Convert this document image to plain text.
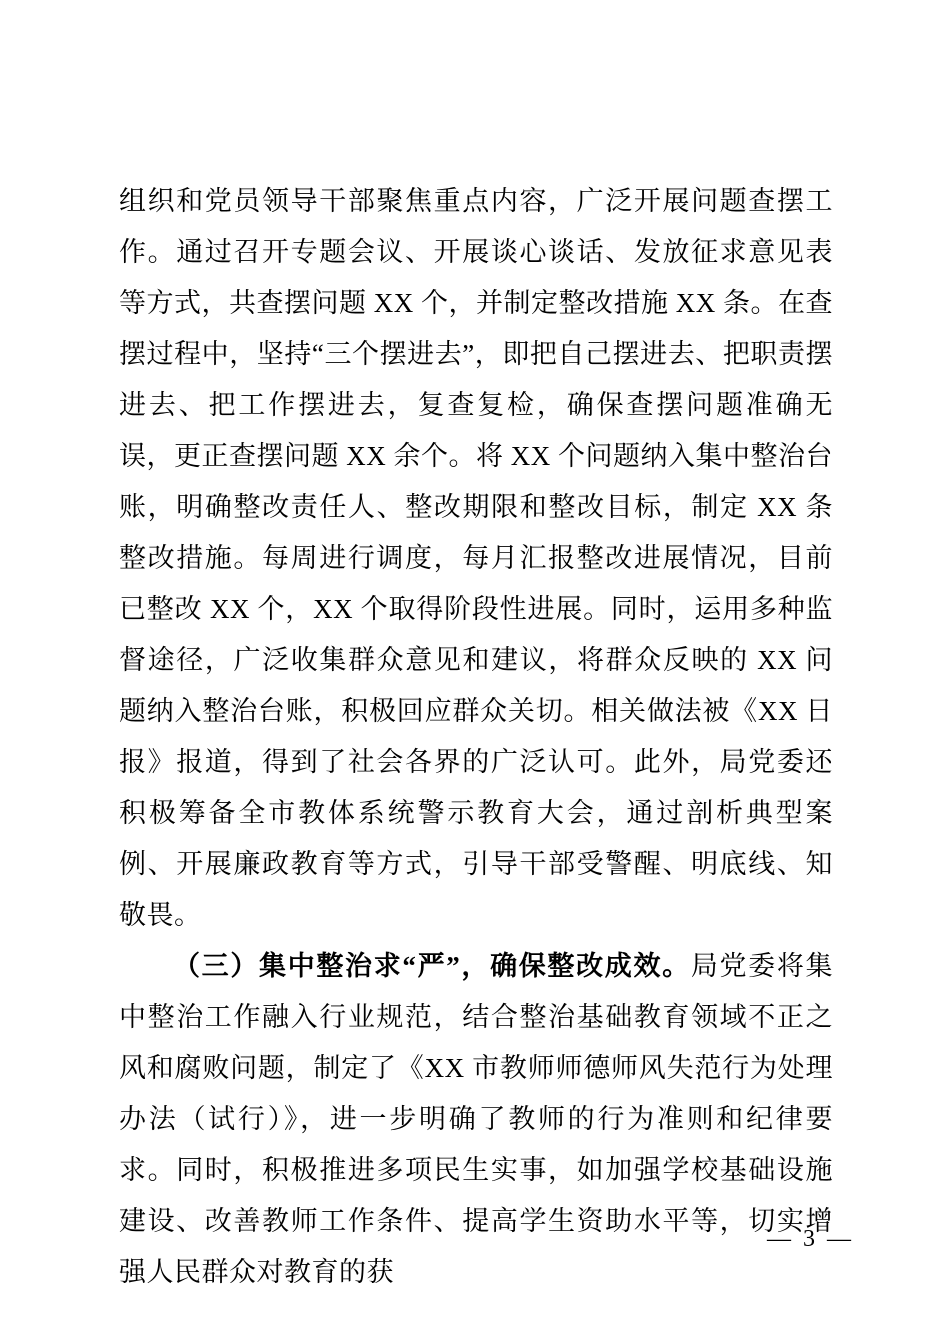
组织和党员领导干部聚焦重点内容，广泛开展问题查摆工作。通过召开专题会议、开展谈心谈话、发放征求意见表等方式，共查摆问题 XX 个，并制定整改措施 XX 条。在查摆过程中，坚持“三个摆进去”，即把自己摆进去、把职责摆进去、把工作摆进去，复查复检，确保查摆问题准确无误，更正查摆问题 XX 余个。将 XX 个问题纳入集中整治台账，明确整改责任人、整改期限和整改目标，制定 XX 条整改措施。每周进行调度，每月汇报整改进展情况，目前已整改 XX 个，XX 个取得阶段性进展。同时，运用多种监督途径，广泛收集群众意见和建议，将群众反映的 XX 问题纳入整治台账，积极回应群众关切。相关做法被《XX 日报》报道，得到了社会各界的广泛认可。此外，局党委还积极筹备全市教体系统警示教育大会，通过剖析典型案例、开展廉政教育等方式，引导干部受警醒、明底线、知敬畏。

（三）集中整治求“严”，确保整改成效。局党委将集中整治工作融入行业规范，结合整治基础教育领域不正之风和腐败问题，制定了《XX 市教师师德师风失范行为处理办法（试行）》，进一步明确了教师的行为准则和纪律要求。同时，积极推进多项民生实事，如加强学校基础设施建设、改善教师工作条件、提高学生资助水平等，切实增强人民群众对教育的获

— 3 —
